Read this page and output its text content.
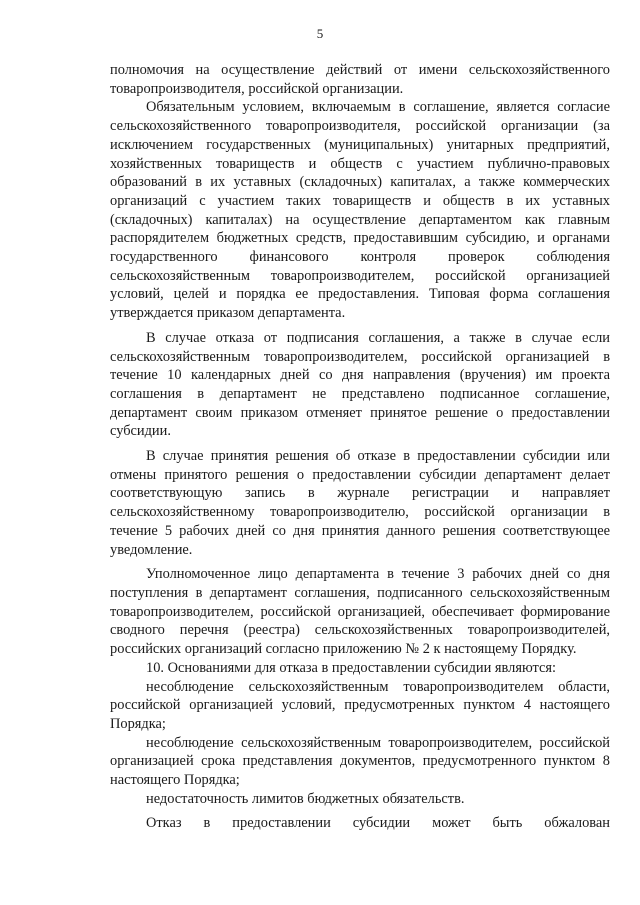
5

полномочия на осуществление действий от имени сельскохозяйственного товаропроизводителя, российской организации.

Обязательным условием, включаемым в соглашение, является согласие сельскохозяйственного товаропроизводителя, российской организации (за исключением государственных (муниципальных) унитарных предприятий, хозяйственных товариществ и обществ с участием публично-правовых образований в их уставных (складочных) капиталах, а также коммерческих организаций с участием таких товариществ и обществ в их уставных (складочных) капиталах) на осуществление департаментом как главным распорядителем бюджетных средств, предоставившим субсидию, и органами государственного финансового контроля проверок соблюдения сельскохозяйственным товаропроизводителем, российской организацией условий, целей и порядка ее предоставления. Типовая форма соглашения утверждается приказом департамента.

В случае отказа от подписания соглашения, а также в случае если сельскохозяйственным товаропроизводителем, российской организацией в течение 10 календарных дней со дня направления (вручения) им проекта соглашения в департамент не представлено подписанное соглашение, департамент своим приказом отменяет принятое решение о предоставлении субсидии.

В случае принятия решения об отказе в предоставлении субсидии или отмены принятого решения о предоставлении субсидии департамент делает соответствующую запись в журнале регистрации и направляет сельскохозяйственному товаропроизводителю, российской организации в течение 5 рабочих дней со дня принятия данного решения соответствующее уведомление.

Уполномоченное лицо департамента в течение 3 рабочих дней со дня поступления в департамент соглашения, подписанного сельскохозяйственным товаропроизводителем, российской организацией, обеспечивает формирование сводного перечня (реестра) сельскохозяйственных товаропроизводителей, российских организаций согласно приложению № 2 к настоящему Порядку.

10. Основаниями для отказа в предоставлении субсидии являются:

несоблюдение сельскохозяйственным товаропроизводителем области, российской организацией условий, предусмотренных пунктом 4 настоящего Порядка;

несоблюдение сельскохозяйственным товаропроизводителем, российской организацией срока представления документов, предусмотренного пунктом 8 настоящего Порядка;

недостаточность лимитов бюджетных обязательств.

Отказ в предоставлении субсидии может быть обжалован
